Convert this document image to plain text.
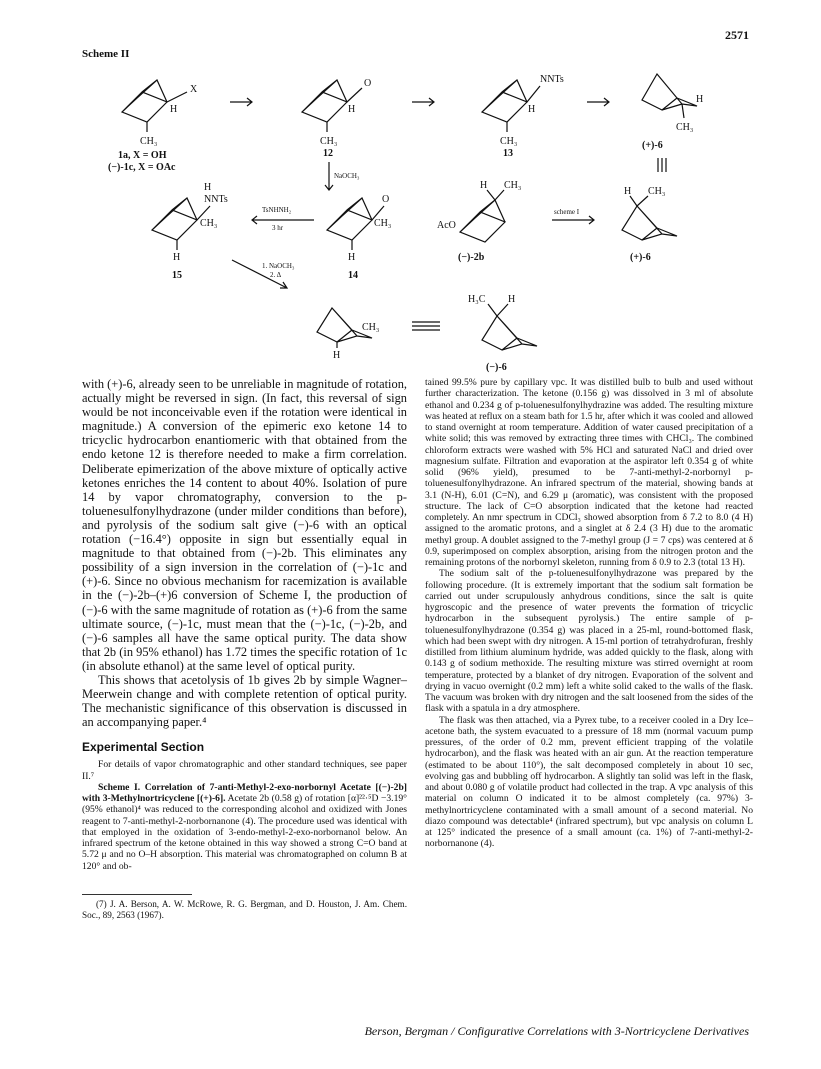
2571
Scheme II
X
H
CH₃
1a, X = OH
(−)-1c, X = OAc
O
H
CH₃
12
NNTs
H
CH₃
13
H
CH₃
(+)-6
NaOCH₃
H
NNTs
CH₃
H
15
TsNHNH₂
3 hr
O
CH₃
H
14
H CH₃
AcO
(−)-2b
scheme I
H CH₃
(+)-6
1. NaOCH₃
2. Δ
CH₃
H
H₃C H
(−)-6

with (+)-6, already seen to be unreliable in magnitude of rotation, actually might be reversed in sign. (In fact, this reversal of sign would be not inconceivable even if the rotation were identical in magnitude.) A conversion of the epimeric exo ketone 14 to tricyclic hydrocarbon enantiomeric with that obtained from the endo ketone 12 is therefore needed to make a firm correlation. Deliberate epimerization of the above mixture of optically active ketones enriches the 14 content to about 40%. Isolation of pure 14 by vapor chromatography, conversion to the p-toluenesulfonylhydrazone (under milder conditions than before), and pyrolysis of the sodium salt give (−)-6 with an optical rotation (−16.4°) opposite in sign but essentially equal in magnitude to that obtained from (−)-2b. This eliminates any possibility of a sign inversion in the correlation of (−)-1c and (+)-6. Since no obvious mechanism for racemization is available in the (−)-2b–(+)6 conversion of Scheme I, the production of (−)-6 with the same magnitude of rotation as (+)-6 from the same ultimate source, (−)-1c, must mean that the (−)-1c, (−)-2b, and (−)-6 samples all have the same optical purity. The data show that 2b (in 95% ethanol) has 1.72 times the specific rotation of 1c (in absolute ethanol) at the same level of optical purity.

This shows that acetolysis of 1b gives 2b by simple Wagner–Meerwein change and with complete retention of optical purity. The mechanistic significance of this observation is discussed in an accompanying paper.⁴

Experimental Section

For details of vapor chromatographic and other standard techniques, see paper II.⁷

Scheme I. Correlation of 7-anti-Methyl-2-exo-norbornyl Acetate [(−)-2b] with 3-Methylnortricyclene [(+)-6]. Acetate 2b (0.58 g) of rotation [α]²²·⁵D −3.19° (95% ethanol)⁴ was reduced to the corresponding alcohol and oxidized with Jones reagent to 7-anti-methyl-2-norbornanone (4). The procedure used was identical with that employed in the oxidation of 3-endo-methyl-2-exo-norbornanol below. An infrared spectrum of the ketone obtained in this way showed a strong C=O band at 5.72 μ and no O–H absorption. This material was chromatographed on column B at 120° and ob-

(7) J. A. Berson, A. W. McRowe, R. G. Bergman, and D. Houston, J. Am. Chem. Soc., 89, 2563 (1967).

tained 99.5% pure by capillary vpc. It was distilled bulb to bulb and used without further characterization. The ketone (0.156 g) was dissolved in 3 ml of absolute ethanol and 0.234 g of p-toluenesulfonylhydrazine was added. The resulting mixture was heated at reflux on a steam bath for 1.5 hr, after which it was cooled and allowed to stand overnight at room temperature. Addition of water caused precipitation of a white solid; this was removed by extracting three times with CHCl₃. The combined chloroform extracts were washed with 5% HCl and saturated NaCl and dried over magnesium sulfate. Filtration and evaporation at the aspirator left 0.354 g of white solid (96% yield), presumed to be 7-anti-methyl-2-norbornyl p-toluenesulfonylhydrazone. An infrared spectrum of the material, showing bands at 3.1 (N-H), 6.01 (C=N), and 6.29 μ (aromatic), was consistent with the proposed structure. The lack of C=O absorption indicated that the ketone had reacted completely. An nmr spectrum in CDCl₃ showed absorption from δ 7.2 to 8.0 (4 H) assigned to the aromatic protons, and a singlet at δ 2.4 (3 H) due to the aromatic methyl group. A doublet assigned to the 7-methyl group (J = 7 cps) was centered at δ 0.9, superimposed on complex absorption, arising from the nitrogen proton and the remaining protons of the norbornyl skeleton, running from δ 0.9 to 2.3 (total 13 H).

The sodium salt of the p-toluenesulfonylhydrazone was prepared by the following procedure. (It is extremely important that the sodium salt formation be carried out under scrupulously anhydrous conditions, since the salt is quite hygroscopic and the presence of water prevents the formation of tricyclic hydrocarbon in the subsequent pyrolysis.) The entire sample of p-toluenesulfonylhydrazone (0.354 g) was placed in a 25-ml, round-bottomed flask, which had been swept with dry nitrogen. A 15-ml portion of tetrahydrofuran, freshly distilled from lithium aluminum hydride, was added quickly to the flask, along with 0.143 g of sodium methoxide. The resulting mixture was stirred overnight at room temperature, protected by a blanket of dry nitrogen. Evaporation of the solvent and drying in vacuo overnight (0.2 mm) left a white solid caked to the walls of the flask. The vacuum was broken with dry nitrogen and the salt loosened from the sides of the flask with a spatula in a dry atmosphere.

The flask was then attached, via a Pyrex tube, to a receiver cooled in a Dry Ice–acetone bath, the system evacuated to a pressure of 18 mm (normal vacuum pump pressures, of the order of 0.2 mm, prevent efficient trapping of the volatile hydrocarbon), and the flask was heated with an air gun. At the reaction temperature (estimated to be about 110°), the salt decomposed completely in about 10 sec, evolving gas and bubbling off hydrocarbon. A slightly tan solid was left in the flask, and about 0.080 g of volatile product had collected in the trap. A vpc analysis of this material on column O indicated it to be almost completely (ca. 97%) 3-methylnortricyclene contaminated with a small amount of a second material. No diazo compound was detectable⁴ (infrared spectrum), but vpc analysis on column L at 125° indicated the presence of a small amount (ca. 1%) of 7-anti-methyl-2-norbornanone (4).

Berson, Bergman / Configurative Correlations with 3-Nortricyclene Derivatives
